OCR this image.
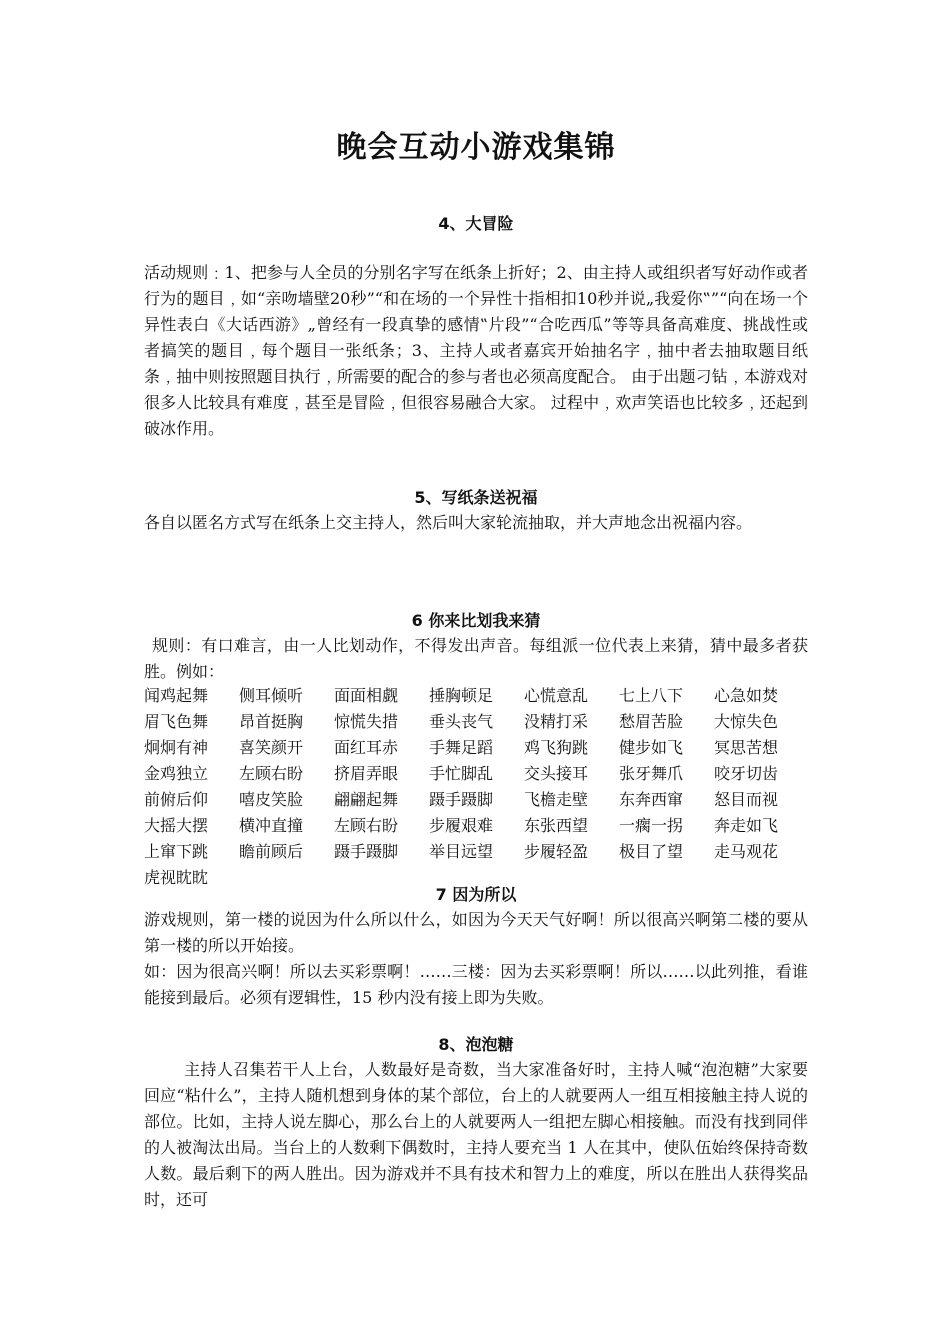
晚会互动小游戏集锦
4、大冒险
活动规则﹕1、把参与人全员的分别名字写在纸条上折好；2、由主持人或组织者写好动作或者行为的题目﹐如“亲吻墙壁20秒”“和在场的一个异性十指相扣10秒并说„我爱你‟”“向在场一个异性表白《大话西游》„曾经有一段真挚的感情‟片段”“合吃西瓜”等等具备高难度、挑战性或者搞笑的题目﹐每个题目一张纸条；3、主持人或者嘉宾开始抽名字﹐抽中者去抽取题目纸条﹐抽中则按照题目执行﹐所需要的配合的参与者也必须高度配合。 由于出题刁钻﹐本游戏对很多人比较具有难度﹐甚至是冒险﹐但很容易融合大家。 过程中﹐欢声笑语也比较多﹐还起到破冰作用。
5、写纸条送祝福
各自以匿名方式写在纸条上交主持人，然后叫大家轮流抽取，并大声地念出祝福内容。
6 你来比划我来猜
规则：有口难言，由一人比划动作，不得发出声音。每组派一位代表上来猜，猜中最多者获胜。例如：
闻鸡起舞	侧耳倾听	面面相觑	捶胸顿足	心慌意乱	七上八下	心急如焚
眉飞色舞	昂首挺胸	惊慌失措	垂头丧气	没精打采	愁眉苦脸	大惊失色
炯炯有神	喜笑颜开	面红耳赤	手舞足蹈	鸡飞狗跳	健步如飞	冥思苦想
金鸡独立	左顾右盼	挤眉弄眼	手忙脚乱	交头接耳	张牙舞爪	咬牙切齿
前俯后仰	嘻皮笑脸	翩翩起舞	蹑手蹑脚	飞檐走壁	东奔西窜	怒目而视
大摇大摆	横冲直撞	左顾右盼	步履艰难	东张西望	一瘸一拐	奔走如飞
上窜下跳	瞻前顾后	蹑手蹑脚	举目远望	步履轻盈	极目了望	走马观花
虎视眈眈
7 因为所以
游戏规则，第一楼的说因为什么所以什么，如因为今天天气好啊！所以很高兴啊第二楼的要从第一楼的所以开始接。
如：因为很高兴啊！所以去买彩票啊！……三楼：因为去买彩票啊！所以……以此列推，看谁能接到最后。必须有逻辑性，15 秒内没有接上即为失败。
8、泡泡糖
主持人召集若干人上台，人数最好是奇数，当大家准备好时，主持人喊“泡泡糖”大家要回应“粘什么”，主持人随机想到身体的某个部位，台上的人就要两人一组互相接触主持人说的部位。比如，主持人说左脚心，那么台上的人就要两人一组把左脚心相接触。而没有找到同伴的人被淘汰出局。当台上的人数剩下偶数时，主持人要充当 1 人在其中，使队伍始终保持奇数人数。最后剩下的两人胜出。因为游戏并不具有技术和智力上的难度，所以在胜出人获得奖品时，还可
